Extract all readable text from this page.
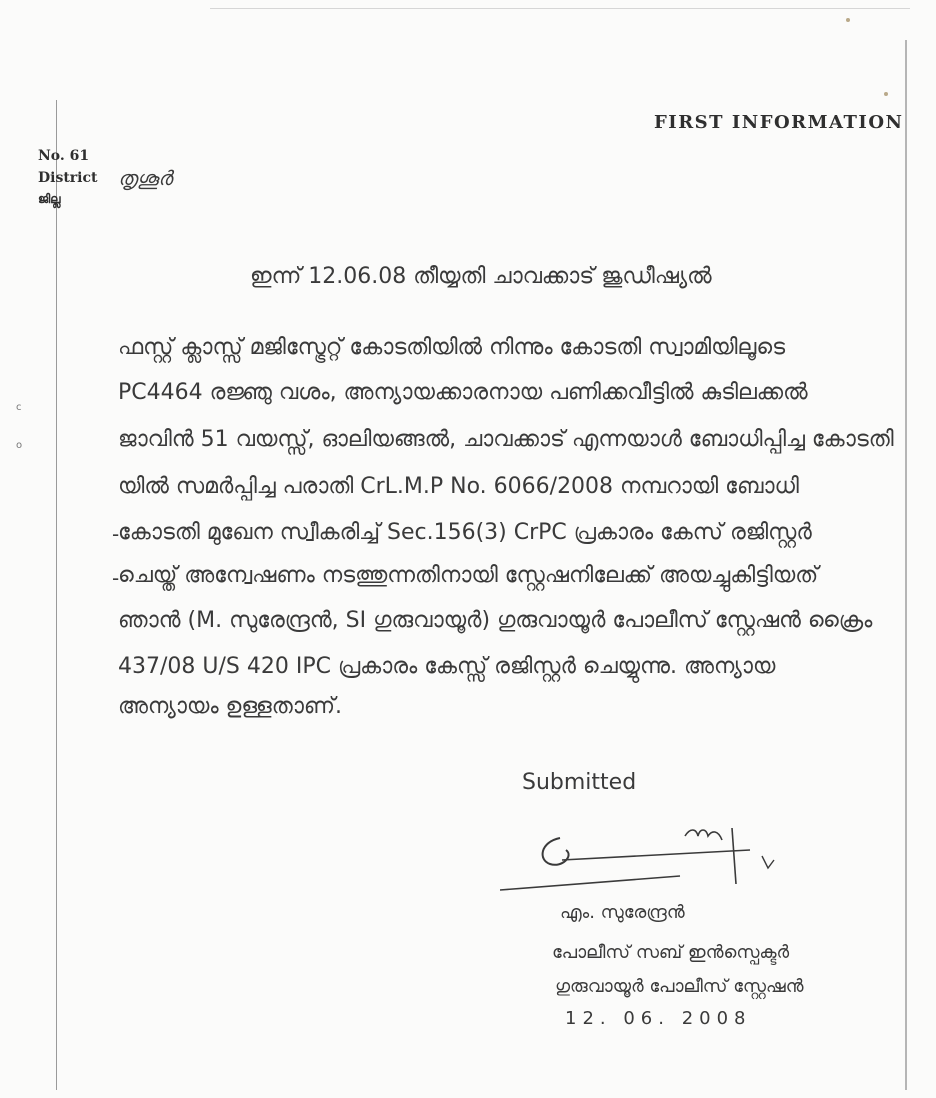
c
o
FIRST INFORMATION
No. 61
District
ജില്ല
തൃശൂർ
ഇന്ന് 12.06.08 തീയ്യതി ചാവക്കാട് ജുഡീഷ്യൽ
ഫസ്റ്റ് ക്ലാസ്സ് മജിസ്ട്രേറ്റ് കോടതിയിൽ നിന്നും കോടതി സ്വാമിയിലൂടെ
PC4464 രജ്ഞു വശം, അന്യായക്കാരനായ പണിക്കവീട്ടിൽ കുടിലക്കൽ
ജാവിൻ 51 വയസ്സ്, ഓലിയങ്ങൽ, ചാവക്കാട് എന്നയാൾ ബോധിപ്പിച്ച കോടതി
-
യിൽ സമർപ്പിച്ച പരാതി CrL.M.P No. 6066/2008 നമ്പറായി ബോധി
-
കോടതി മുഖേന സ്വീകരിച്ച് Sec.156(3) CrPC പ്രകാരം കേസ് രജിസ്റ്റർ
ചെയ്ത് അന്വേഷണം നടത്തുന്നതിനായി സ്റ്റേഷനിലേക്ക് അയച്ചുകിട്ടിയത്
ഞാൻ (M. സുരേന്ദ്രൻ, SI ഗുരുവായൂർ) ഗുരുവായൂർ പോലീസ് സ്റ്റേഷൻ ക്രൈം
437/08 U/S 420 IPC പ്രകാരം കേസ്സ് രജിസ്റ്റർ ചെയ്യുന്നു. അന്യായ
അന്യായം ഉള്ളതാണ്.
Submitted
എം. സുരേന്ദ്രൻ
പോലീസ് സബ് ഇൻസ്പെക്ടർ
ഗുരുവായൂർ പോലീസ് സ്റ്റേഷൻ
12. 06. 2008
